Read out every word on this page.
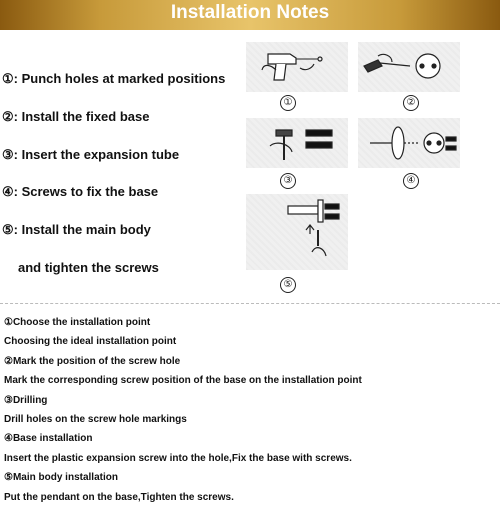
Installation Notes
①: Punch holes at marked positions
②: Install the fixed base
③: Insert the expansion tube
④: Screws to fix the base
⑤: Install the main body
and tighten the screws
①	②
③	④
⑤
①Choose the installation point
Choosing the ideal installation point
②Mark the position of the screw hole
Mark the corresponding screw position of the base on the installation point
③Drilling
Drill holes on the screw hole markings
④Base installation
Insert the plastic expansion screw into the hole,Fix the base with screws.
⑤Main body installation
Put the pendant on the base,Tighten the screws.
